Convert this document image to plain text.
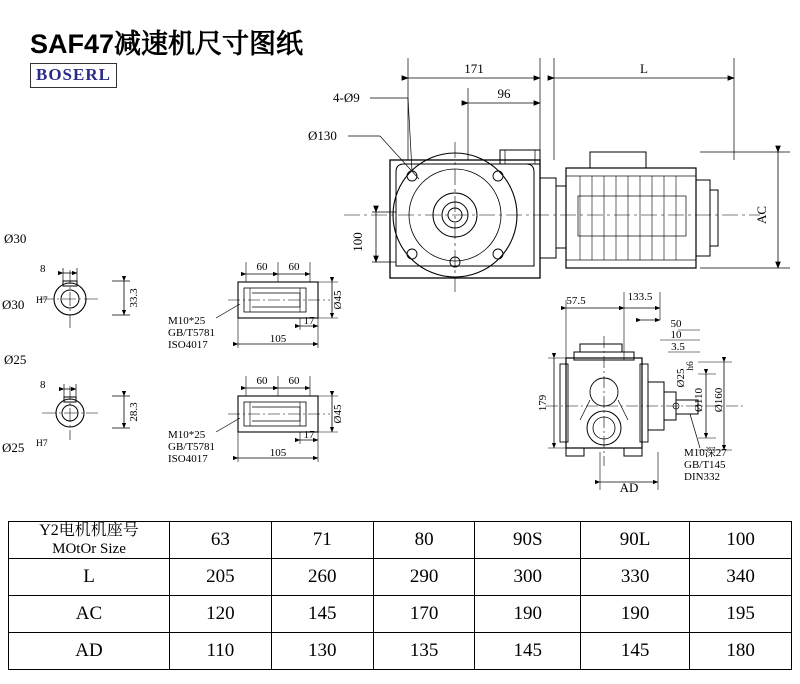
SAF47减速机尺寸图纸
BOSERL	171	L
96
4-Ø9
Ø130
100
AC
Ø30
8
33.3
Ø30 H7
Ø25
8
28.3
Ø25 H7
60 60
17
105
Ø45
M10*25
GB/T5781
ISO4017
60 60
17
105
Ø45
M10*25
GB/T5781
ISO4017
57.5	133.5
50
10
3.5
179
AD
Ø25
h6
Ø110 Ø160
M10深27
GB/T145
DIN332
Y2电机机座号
MOtOr Size	63	71	80	90S	90L	100
L	205	260	290	300	330	340
AC	120	145	170	190	190	195
AD	110	130	135	145	145	180
